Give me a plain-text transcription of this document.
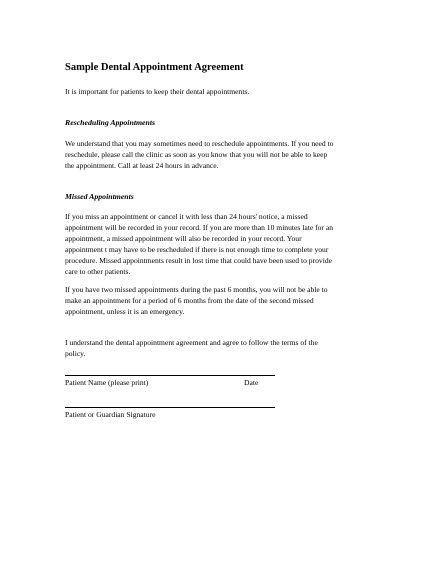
Sample Dental Appointment Agreement
It is important for patients to keep their dental appointments.
Rescheduling Appointments
We understand that you may sometimes need to reschedule appointments. If you need to
reschedule, please call the clinic as soon as you know that you will not be able to keep
the appointment. Call at least 24 hours in advance.
Missed Appointments
If you miss an appointment or cancel it with less than 24 hours' notice, a missed
appointment will be recorded in your record. If you are more than 10 minutes late for an
appointment, a missed appointment will also be recorded in your record. Your
appointment t may have to be rescheduled if there is not enough time to complete your
procedure. Missed appointments result in lost time that could have been used to provide
care to other patients.
If you have two missed appointments during the past 6 months, you will not be able to
make an appointment for a period of 6 months from the date of the second missed
appointment, unless it is an emergency.
I understand the dental appointment agreement and agree to follow the terms of the
policy.
Patient Name (please print)	Date
Patient or Guardian Signature
